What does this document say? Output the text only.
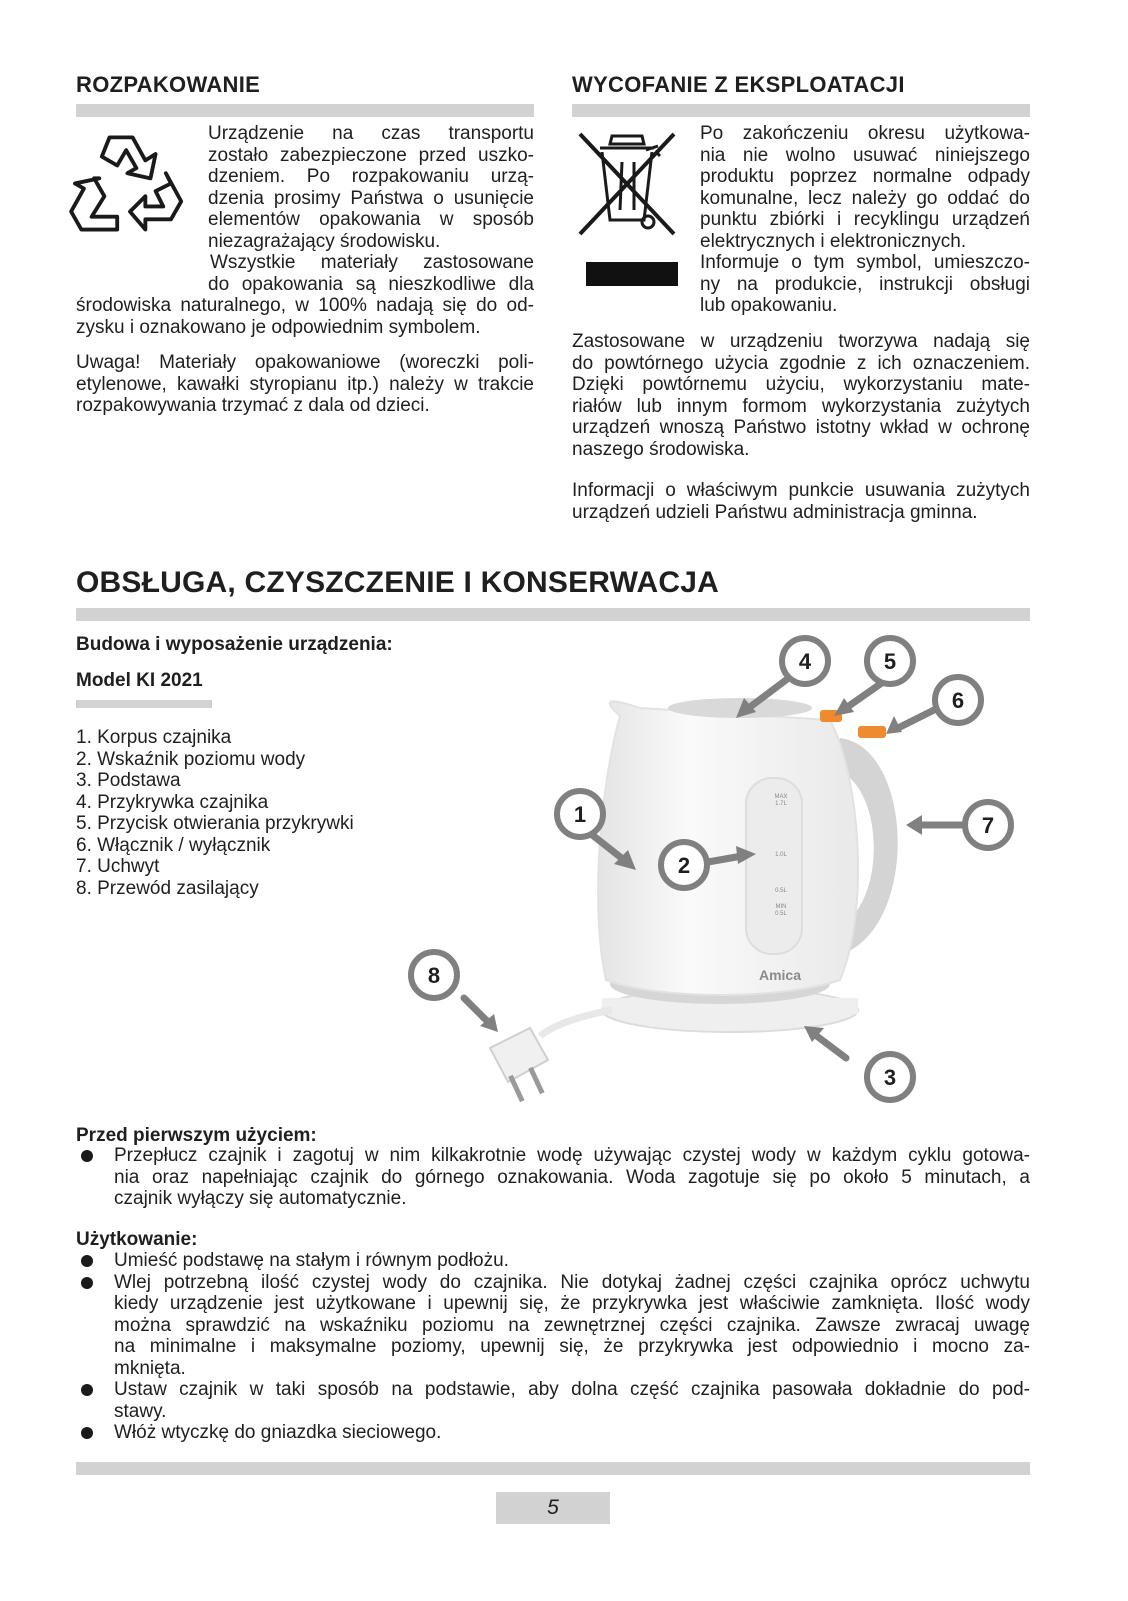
ROZPAKOWANIE
Urządzenie na czas transportu
zostało zabezpieczone przed uszko-
dzeniem. Po rozpakowaniu urzą-
dzenia prosimy Państwa o usunięcie
elementów opakowania w sposób
niezagrażający środowisku.
Wszystkie materiały zastosowane
do opakowania są nieszkodliwe dla
środowiska naturalnego, w 100% nadają się do od-
zysku i oznakowano je odpowiednim symbolem.
Uwaga! Materiały opakowaniowe (woreczki poli-
etylenowe, kawałki styropianu itp.) należy w trakcie
rozpakowywania trzymać z dala od dzieci.
WYCOFANIE Z EKSPLOATACJI
Po zakończeniu okresu użytkowa-
nia nie wolno usuwać niniejszego
produktu poprzez normalne odpady
komunalne, lecz należy go oddać do
punktu zbiórki i recyklingu urządzeń
elektrycznych i elektronicznych.
Informuje o tym symbol, umieszczo-
ny na produkcie, instrukcji obsługi
lub opakowaniu.
Zastosowane w urządzeniu tworzywa nadają się
do powtórnego użycia zgodnie z ich oznaczeniem.
Dzięki powtórnemu użyciu, wykorzystaniu mate-
riałów lub innym formom wykorzystania zużytych
urządzeń wnoszą Państwo istotny wkład w ochronę
naszego środowiska.
Informacji o właściwym punkcie usuwania zużytych
urządzeń udzieli Państwu administracja gminna.
OBSŁUGA, CZYSZCZENIE I KONSERWACJA
Budowa i wyposażenie urządzenia:
Model KI 2021
1. Korpus czajnika
2. Wskaźnik poziomu wody
3. Podstawa
4. Przykrywka czajnika
5. Przycisk otwierania przykrywki
6. Włącznik / wyłącznik
7. Uchwyt
8. Przewód zasilający
MAX
1.7L
1.0L
0.5L
MIN
0.5L
Amica
1
2
3
4	5
6
7
8
Przed pierwszym użyciem:
Przepłucz czajnik i zagotuj w nim kilkakrotnie wodę używając czystej wody w każdym cyklu gotowa-
nia oraz napełniając czajnik do górnego oznakowania. Woda zagotuje się po około 5 minutach, a
czajnik wyłączy się automatycznie.
Użytkowanie:
Umieść podstawę na stałym i równym podłożu.
Wlej potrzebną ilość czystej wody do czajnika. Nie dotykaj żadnej części czajnika oprócz uchwytu
kiedy urządzenie jest użytkowane i upewnij się, że przykrywka jest właściwie zamknięta. Ilość wody
można sprawdzić na wskaźniku poziomu na zewnętrznej części czajnika. Zawsze zwracaj uwagę
na minimalne i maksymalne poziomy, upewnij się, że przykrywka jest odpowiednio i mocno za-
mknięta.
Ustaw czajnik w taki sposób na podstawie, aby dolna część czajnika pasowała dokładnie do pod-
stawy.
Włóż wtyczkę do gniazdka sieciowego.
5
